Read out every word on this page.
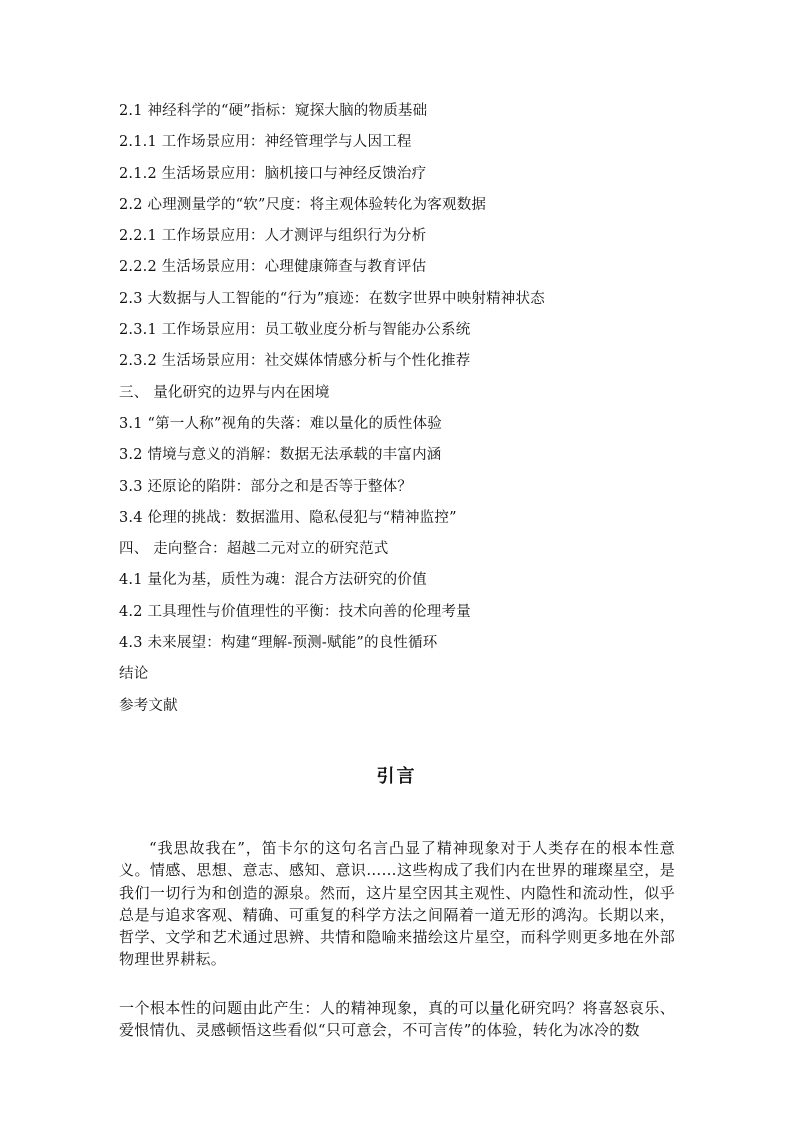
2.1 神经科学的“硬”指标：窥探大脑的物质基础
2.1.1 工作场景应用：神经管理学与人因工程
2.1.2 生活场景应用：脑机接口与神经反馈治疗
2.2 心理测量学的“软”尺度：将主观体验转化为客观数据
2.2.1 工作场景应用：人才测评与组织行为分析
2.2.2 生活场景应用：心理健康筛查与教育评估
2.3 大数据与人工智能的“行为”痕迹：在数字世界中映射精神状态
2.3.1 工作场景应用：员工敬业度分析与智能办公系统
2.3.2 生活场景应用：社交媒体情感分析与个性化推荐
三、 量化研究的边界与内在困境
3.1 “第一人称”视角的失落：难以量化的质性体验
3.2 情境与意义的消解：数据无法承载的丰富内涵
3.3 还原论的陷阱：部分之和是否等于整体？
3.4 伦理的挑战：数据滥用、隐私侵犯与“精神监控”
四、 走向整合：超越二元对立的研究范式
4.1 量化为基，质性为魂：混合方法研究的价值
4.2 工具理性与价值理性的平衡：技术向善的伦理考量
4.3 未来展望：构建“理解-预测-赋能”的良性循环
结论
参考文献
引言

“我思故我在”，笛卡尔的这句名言凸显了精神现象对于人类存在的根本性意义。情感、思想、意志、感知、意识……这些构成了我们内在世界的璀璨星空，是我们一切行为和创造的源泉。然而，这片星空因其主观性、内隐性和流动性，似乎总是与追求客观、精确、可重复的科学方法之间隔着一道无形的鸿沟。长期以来，哲学、文学和艺术通过思辨、共情和隐喻来描绘这片星空，而科学则更多地在外部物理世界耕耘。

一个根本性的问题由此产生：人的精神现象，真的可以量化研究吗？将喜怒哀乐、爱恨情仇、灵感顿悟这些看似“只可意会，不可言传”的体验，转化为冰冷的数
